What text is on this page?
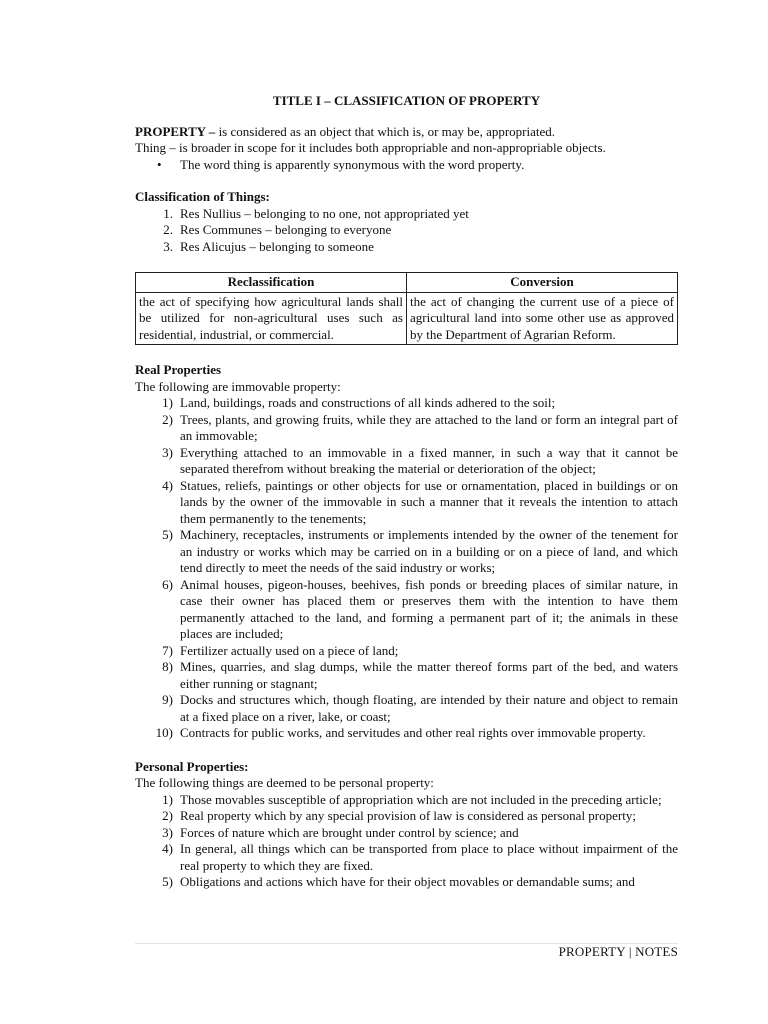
TITLE I – CLASSIFICATION OF PROPERTY

PROPERTY – is considered as an object that which is, or may be, appropriated.

Thing – is broader in scope for it includes both appropriable and non-appropriable objects.

• The word thing is apparently synonymous with the word property.

Classification of Things:

1. Res Nullius – belonging to no one, not appropriated yet
2. Res Communes – belonging to everyone
3. Res Alicujus – belonging to someone
Reclassification	Conversion
the act of specifying how agricultural lands shall be utilized for non-agricultural uses such as residential, industrial, or commercial.	the act of changing the current use of a piece of agricultural land into some other use as approved by the Department of Agrarian Reform.

Real Properties

The following are immovable property:

1) Land, buildings, roads and constructions of all kinds adhered to the soil;
2) Trees, plants, and growing fruits, while they are attached to the land or form an integral part of an immovable;
3) Everything attached to an immovable in a fixed manner, in such a way that it cannot be separated therefrom without breaking the material or deterioration of the object;
4) Statues, reliefs, paintings or other objects for use or ornamentation, placed in buildings or on lands by the owner of the immovable in such a manner that it reveals the intention to attach them permanently to the tenements;
5) Machinery, receptacles, instruments or implements intended by the owner of the tenement for an industry or works which may be carried on in a building or on a piece of land, and which tend directly to meet the needs of the said industry or works;
6) Animal houses, pigeon-houses, beehives, fish ponds or breeding places of similar nature, in case their owner has placed them or preserves them with the intention to have them permanently attached to the land, and forming a permanent part of it; the animals in these places are included;
7) Fertilizer actually used on a piece of land;
8) Mines, quarries, and slag dumps, while the matter thereof forms part of the bed, and waters either running or stagnant;
9) Docks and structures which, though floating, are intended by their nature and object to remain at a fixed place on a river, lake, or coast;
10) Contracts for public works, and servitudes and other real rights over immovable property.

Personal Properties:

The following things are deemed to be personal property:

1) Those movables susceptible of appropriation which are not included in the preceding article;
2) Real property which by any special provision of law is considered as personal property;
3) Forces of nature which are brought under control by science; and
4) In general, all things which can be transported from place to place without impairment of the real property to which they are fixed.
5) Obligations and actions which have for their object movables or demandable sums; and
PROPERTY | NOTES
